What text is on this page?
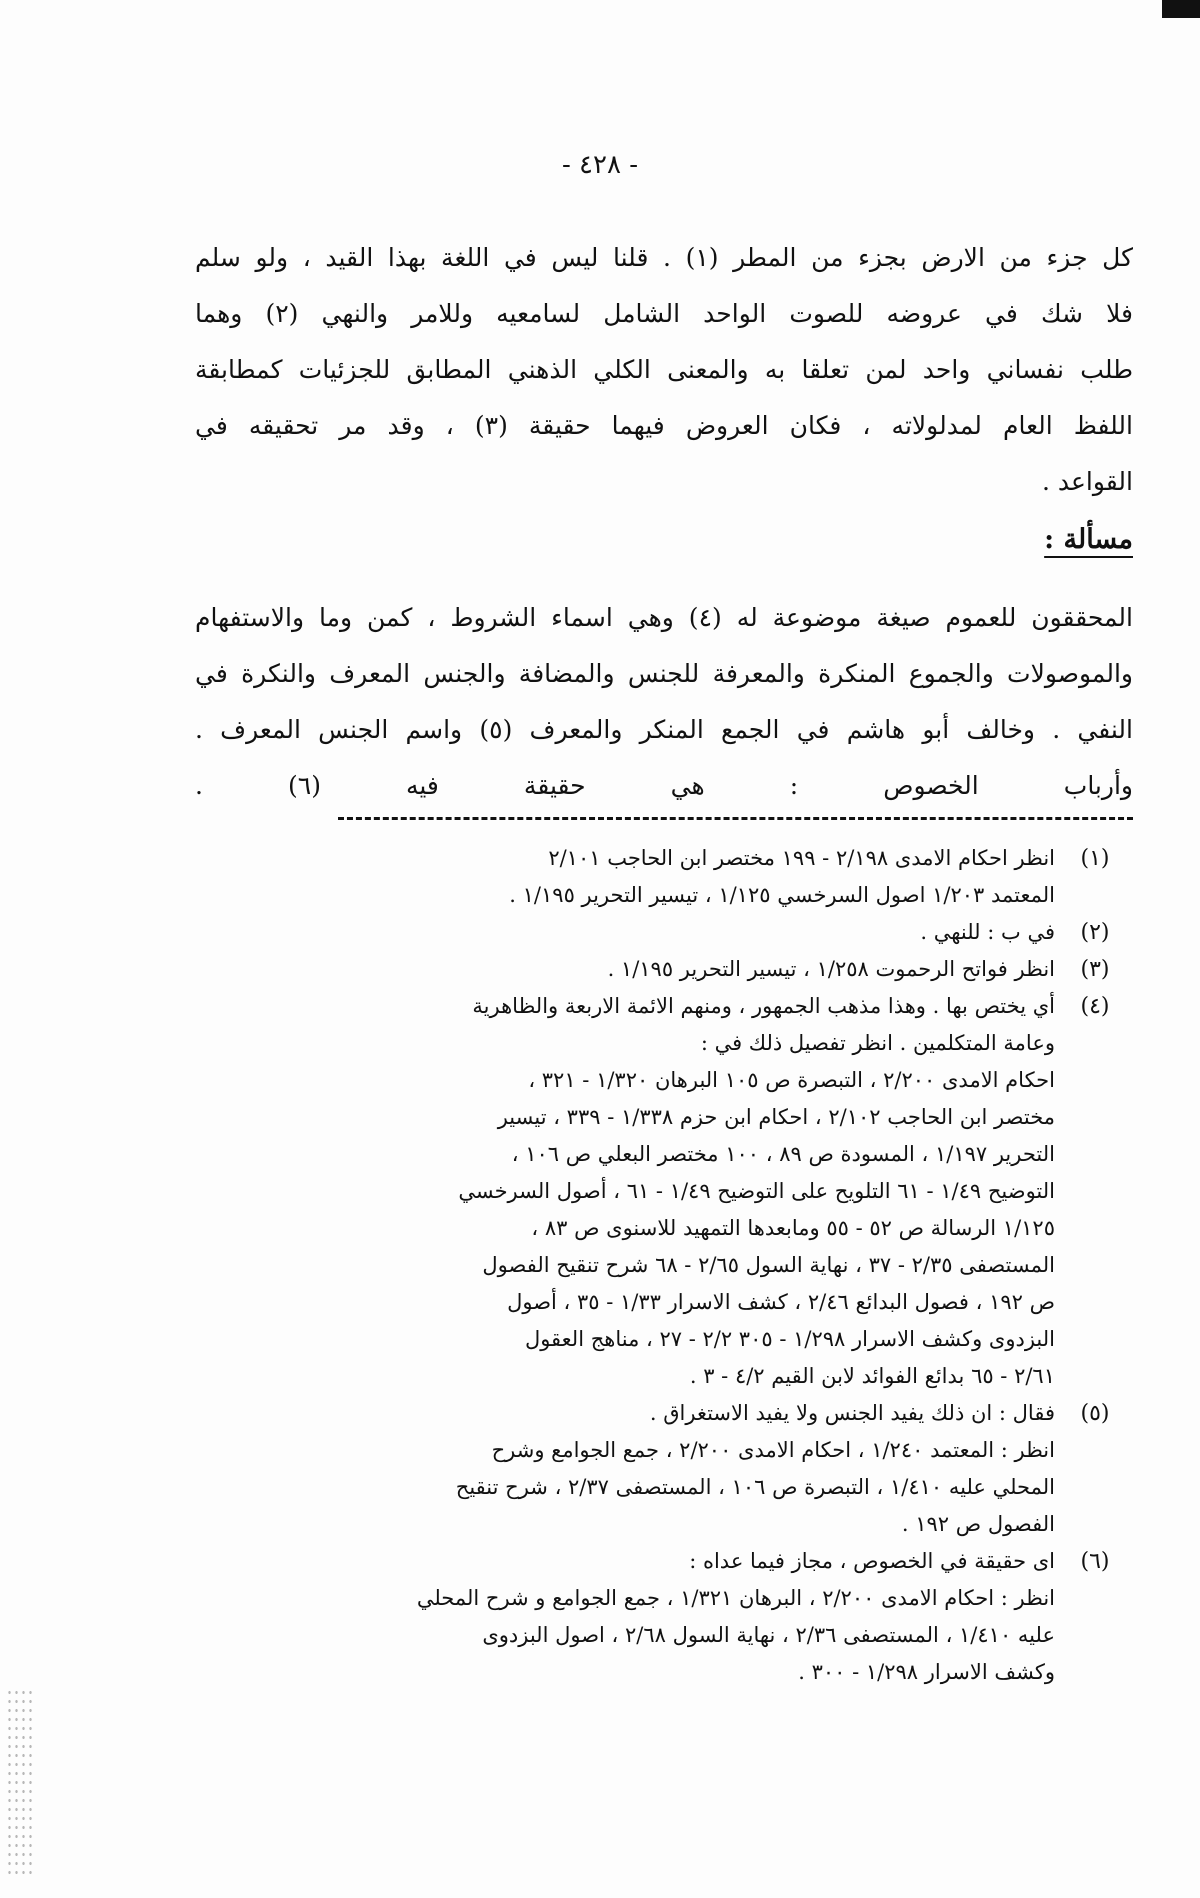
- ٤٢٨ -
كل جزء من الارض بجزء من المطر (١) . قلنا ليس في اللغة بهذا القيد ، ولو سلم
فلا شك في عروضه للصوت الواحد الشامل لسامعيه وللامر والنهي (٢) وهما
طلب نفساني واحد لمن تعلقا به والمعنى الكلي الذهني المطابق للجزئيات كمطابقة
اللفظ العام لمدلولاته ، فكان العروض فيهما حقيقة (٣) ، وقد مر تحقيقه في
القواعد .
مسألة :
المحققون للعموم صيغة موضوعة له (٤) وهي اسماء الشروط ، كمن وما والاستفهام
والموصولات والجموع المنكرة والمعرفة للجنس والمضافة والجنس المعرف والنكرة في
النفي . وخالف أبو هاشم في الجمع المنكر والمعرف (٥) واسم الجنس المعرف .
وأرباب الخصوص : هي حقيقة فيه (٦) .
(١)
انظر احكام الامدى ٢/١٩٨ - ١٩٩ مختصر ابن الحاجب ٢/١٠١
المعتمد ١/٢٠٣ اصول السرخسي ١/١٢٥ ، تيسير التحرير ١/١٩٥ .
(٢)
في ب : للنهي .
(٣)
انظر فواتح الرحموت ١/٢٥٨ ، تيسير التحرير ١/١٩٥ .
(٤)
أي يختص بها . وهذا مذهب الجمهور ، ومنهم الائمة الاربعة والظاهرية
وعامة المتكلمين . انظر تفصيل ذلك في :
احكام الامدى ٢/٢٠٠ ، التبصرة ص ١٠٥ البرهان ١/٣٢٠ - ٣٢١ ،
مختصر ابن الحاجب ٢/١٠٢ ، احكام ابن حزم ١/٣٣٨ - ٣٣٩ ، تيسير
التحرير ١/١٩٧ ، المسودة ص ٨٩ ، ١٠٠ مختصر البعلي ص ١٠٦ ،
التوضيح ١/٤٩ - ٦١ التلويح على التوضيح ١/٤٩ - ٦١ ، أصول السرخسي
١/١٢٥ الرسالة ص ٥٢ - ٥٥ ومابعدها التمهيد للاسنوى ص ٨٣ ،
المستصفى ٢/٣٥ - ٣٧ ، نهاية السول ٢/٦٥ - ٦٨ شرح تنقيح الفصول
ص ١٩٢ ، فصول البدائع ٢/٤٦ ، كشف الاسرار ١/٣٣ - ٣٥ ، أصول
البزدوى وكشف الاسرار ١/٢٩٨ - ٣٠٥ ٢/٢ - ٢٧ ، مناهج العقول
٢/٦١ - ٦٥ بدائع الفوائد لابن القيم ٤/٢ - ٣ .
(٥)
فقال : ان ذلك يفيد الجنس ولا يفيد الاستغراق .
انظر : المعتمد ١/٢٤٠ ، احكام الامدى ٢/٢٠٠ ، جمع الجوامع وشرح
المحلي عليه ١/٤١٠ ، التبصرة ص ١٠٦ ، المستصفى ٢/٣٧ ، شرح تنقيح
الفصول ص ١٩٢ .
(٦)
اى حقيقة في الخصوص ، مجاز فيما عداه :
انظر : احكام الامدى ٢/٢٠٠ ، البرهان ١/٣٢١ ، جمع الجوامع و شرح المحلي
عليه ١/٤١٠ ، المستصفى ٢/٣٦ ، نهاية السول ٢/٦٨ ، اصول البزدوى
وكشف الاسرار ١/٢٩٨ - ٣٠٠ .
